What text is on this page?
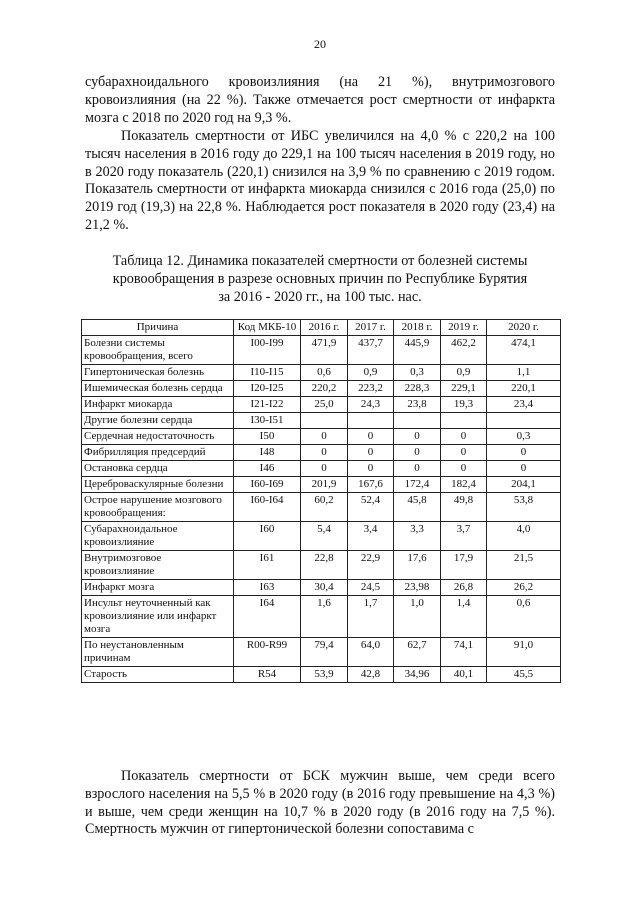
20

субарахноидального кровоизлияния (на 21 %), внутримозгового кровоизлияния (на 22 %). Также отмечается рост смертности от инфаркта мозга с 2018 по 2020 год на 9,3 %.

Показатель смертности от ИБС увеличился на 4,0 % с 220,2 на 100 тысяч населения в 2016 году до 229,1 на 100 тысяч населения в 2019 году, но в 2020 году показатель (220,1) снизился на 3,9 % по сравнению с 2019 годом. Показатель смертности от инфаркта миокарда снизился с 2016 года (25,0) по 2019 год (19,3) на 22,8 %. Наблюдается рост показателя в 2020 году (23,4) на 21,2 %.

Таблица 12. Динамика показателей смертности от болезней системы
кровообращения в разрезе основных причин по Республике Бурятия
за 2016 - 2020 гг., на 100 тыс. нас.
Причина	Код МКБ-10	2016 г.	2017 г.	2018 г.	2019 г.	2020 г.
Болезни системы кровообращения, всего	I00-I99	471,9	437,7	445,9	462,2	474,1
Гипертоническая болезнь	I10-I15	0,6	0,9	0,3	0,9	1,1
Ишемическая болезнь сердца	I20-I25	220,2	223,2	228,3	229,1	220,1
Инфаркт миокарда	I21-I22	25,0	24,3	23,8	19,3	23,4
Другие болезни сердца	I30-I51					
Сердечная недостаточность	I50	0	0	0	0	0,3
Фибрилляция предсердий	I48	0	0	0	0	0
Остановка сердца	I46	0	0	0	0	0
Цереброваскулярные болезни	I60-I69	201,9	167,6	172,4	182,4	204,1
Острое нарушение мозгового кровообращения:	I60-I64	60,2	52,4	45,8	49,8	53,8
Субарахноидальное кровоизлияние	I60	5,4	3,4	3,3	3,7	4,0
Внутримозговое кровоизлияние	I61	22,8	22,9	17,6	17,9	21,5
Инфаркт мозга	I63	30,4	24,5	23,98	26,8	26,2
Инсульт неуточненный как кровоизлияние или инфаркт мозга	I64	1,6	1,7	1,0	1,4	0,6
По неустановленным причинам	R00-R99	79,4	64,0	62,7	74,1	91,0
Старость	R54	53,9	42,8	34,96	40,1	45,5

Показатель смертности от БСК мужчин выше, чем среди всего взрослого населения на 5,5 % в 2020 году (в 2016 году превышение на 4,3 %) и выше, чем среди женщин на 10,7 % в 2020 году (в 2016 году на 7,5 %). Смертность мужчин от гипертонической болезни сопоставима с
